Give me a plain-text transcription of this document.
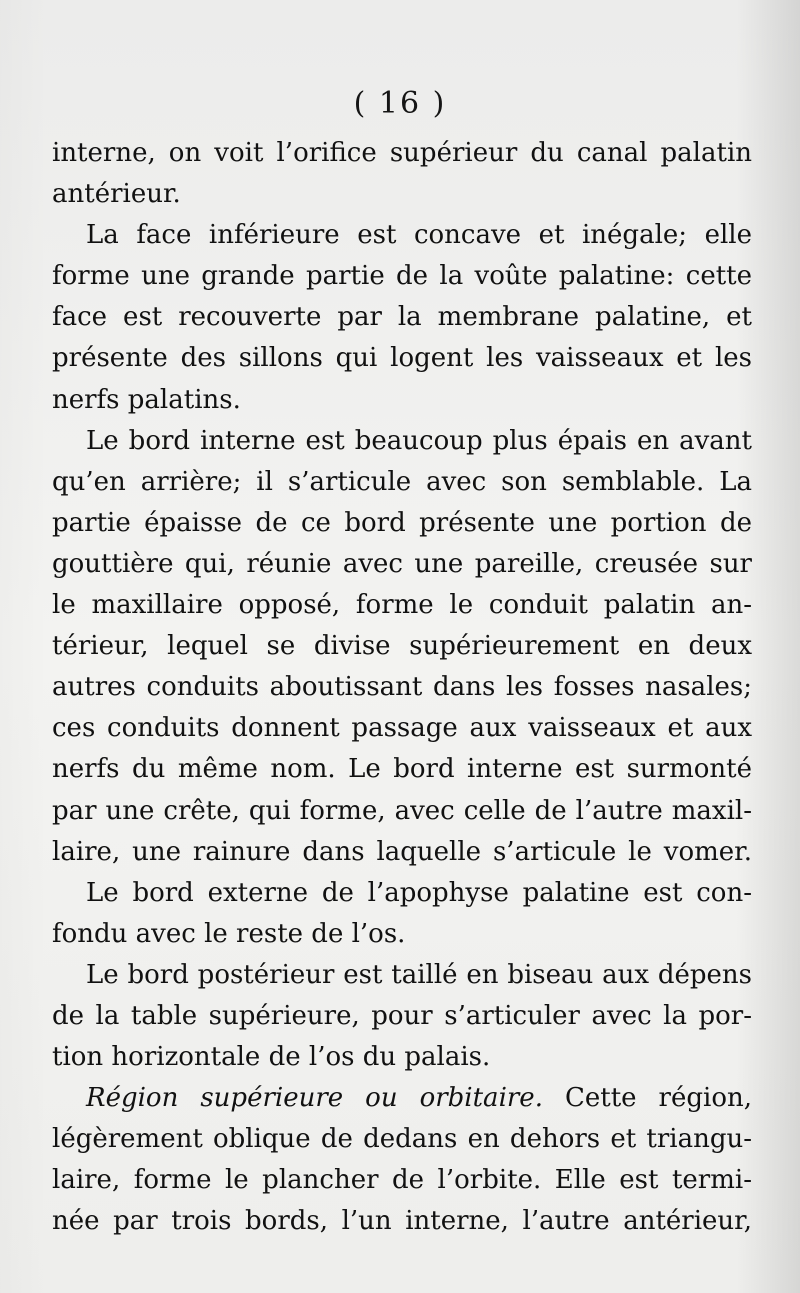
( 16 )
interne, on voit l’orifice supérieur du canal palatin
antérieur.
La face inférieure est concave et inégale; elle
forme une grande partie de la voûte palatine: cette
face est recouverte par la membrane palatine, et
présente des sillons qui logent les vaisseaux et les
nerfs palatins.
Le bord interne est beaucoup plus épais en avant
qu’en arrière; il s’articule avec son semblable. La
partie épaisse de ce bord présente une portion de
gouttière qui, réunie avec une pareille, creusée sur
le maxillaire opposé, forme le conduit palatin an-
térieur, lequel se divise supérieurement en deux
autres conduits aboutissant dans les fosses nasales;
ces conduits donnent passage aux vaisseaux et aux
nerfs du même nom. Le bord interne est surmonté
par une crête, qui forme, avec celle de l’autre maxil-
laire, une rainure dans laquelle s’articule le vomer.
Le bord externe de l’apophyse palatine est con-
fondu avec le reste de l’os.
Le bord postérieur est taillé en biseau aux dépens
de la table supérieure, pour s’articuler avec la por-
tion horizontale de l’os du palais.
Région supérieure ou orbitaire. Cette région,
légèrement oblique de dedans en dehors et triangu-
laire, forme le plancher de l’orbite. Elle est termi-
née par trois bords, l’un interne, l’autre antérieur,
